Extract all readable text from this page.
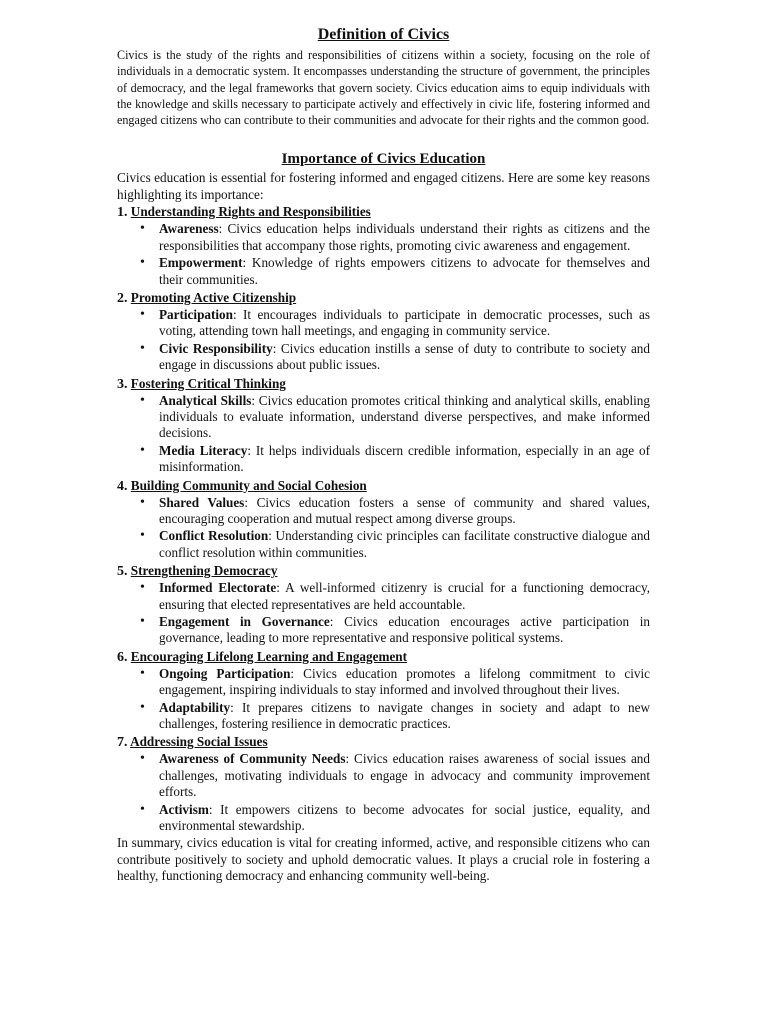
Definition of Civics

Civics is the study of the rights and responsibilities of citizens within a society, focusing on the role of individuals in a democratic system. It encompasses understanding the structure of government, the principles of democracy, and the legal frameworks that govern society. Civics education aims to equip individuals with the knowledge and skills necessary to participate actively and effectively in civic life, fostering informed and engaged citizens who can contribute to their communities and advocate for their rights and the common good.

Importance of Civics Education

Civics education is essential for fostering informed and engaged citizens. Here are some key reasons highlighting its importance:

1. Understanding Rights and Responsibilities
• Awareness: Civics education helps individuals understand their rights as citizens and the responsibilities that accompany those rights, promoting civic awareness and engagement.
• Empowerment: Knowledge of rights empowers citizens to advocate for themselves and their communities.
2. Promoting Active Citizenship
• Participation: It encourages individuals to participate in democratic processes, such as voting, attending town hall meetings, and engaging in community service.
• Civic Responsibility: Civics education instills a sense of duty to contribute to society and engage in discussions about public issues.
3. Fostering Critical Thinking
• Analytical Skills: Civics education promotes critical thinking and analytical skills, enabling individuals to evaluate information, understand diverse perspectives, and make informed decisions.
• Media Literacy: It helps individuals discern credible information, especially in an age of misinformation.
4. Building Community and Social Cohesion
• Shared Values: Civics education fosters a sense of community and shared values, encouraging cooperation and mutual respect among diverse groups.
• Conflict Resolution: Understanding civic principles can facilitate constructive dialogue and conflict resolution within communities.
5. Strengthening Democracy
• Informed Electorate: A well-informed citizenry is crucial for a functioning democracy, ensuring that elected representatives are held accountable.
• Engagement in Governance: Civics education encourages active participation in governance, leading to more representative and responsive political systems.
6. Encouraging Lifelong Learning and Engagement
• Ongoing Participation: Civics education promotes a lifelong commitment to civic engagement, inspiring individuals to stay informed and involved throughout their lives.
• Adaptability: It prepares citizens to navigate changes in society and adapt to new challenges, fostering resilience in democratic practices.
7. Addressing Social Issues
• Awareness of Community Needs: Civics education raises awareness of social issues and challenges, motivating individuals to engage in advocacy and community improvement efforts.
• Activism: It empowers citizens to become advocates for social justice, equality, and environmental stewardship.

In summary, civics education is vital for creating informed, active, and responsible citizens who can contribute positively to society and uphold democratic values. It plays a crucial role in fostering a healthy, functioning democracy and enhancing community well-being.
